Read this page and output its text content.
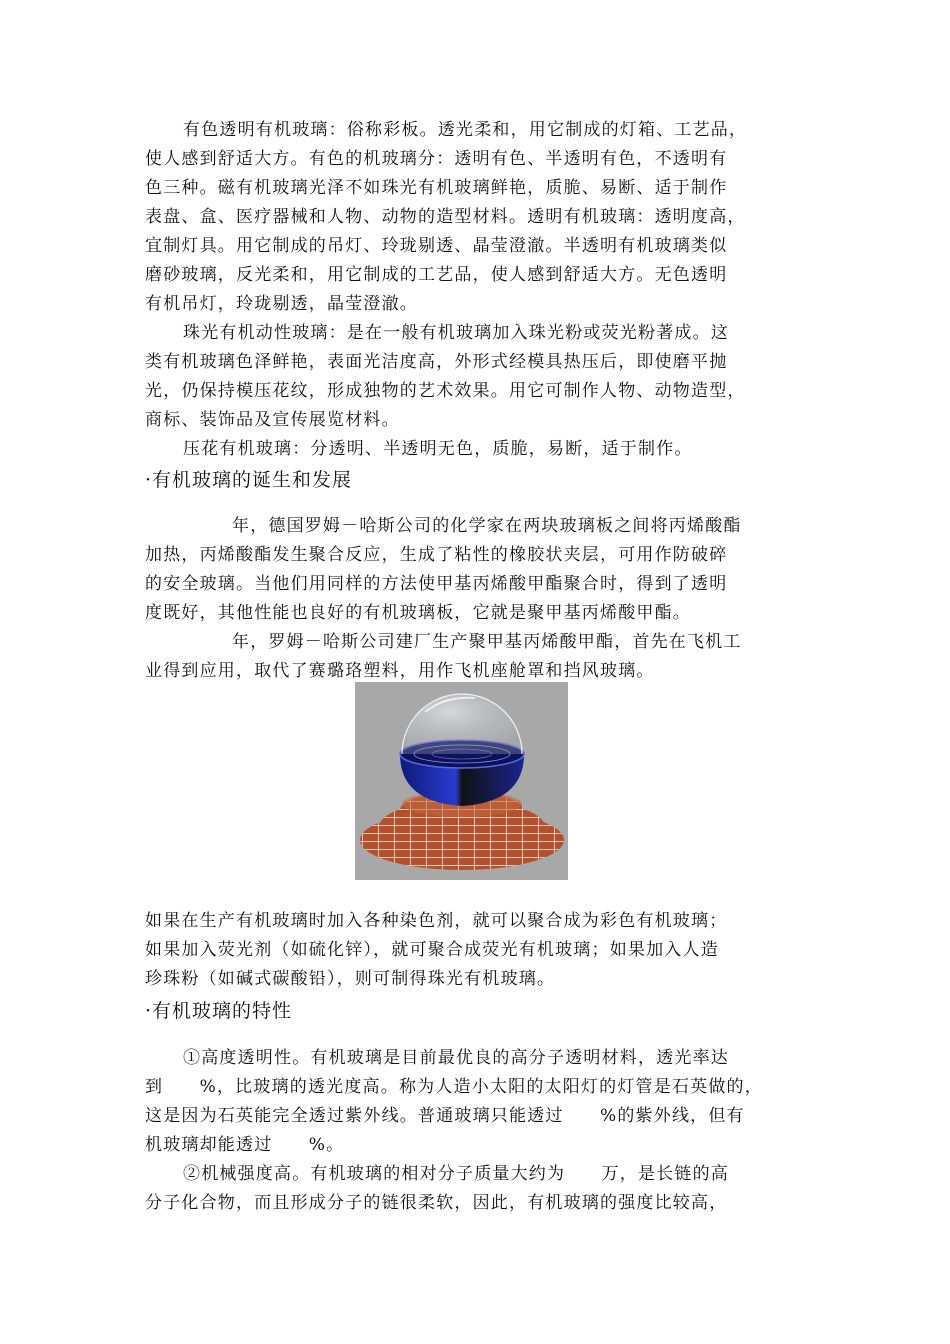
有色透明有机玻璃：俗称彩板。透光柔和，用它制成的灯箱、工艺品，
使人感到舒适大方。有色的机玻璃分：透明有色、半透明有色，不透明有
色三种。磁有机玻璃光泽不如珠光有机玻璃鲜艳，质脆、易断、适于制作
表盘、盒、医疗器械和人物、动物的造型材料。透明有机玻璃：透明度高，
宜制灯具。用它制成的吊灯、玲珑剔透、晶莹澄澈。半透明有机玻璃类似
磨砂玻璃，反光柔和，用它制成的工艺品，使人感到舒适大方。无色透明
有机吊灯，玲珑剔透，晶莹澄澈。
珠光有机动性玻璃：是在一般有机玻璃加入珠光粉或荧光粉著成。这
类有机玻璃色泽鲜艳，表面光洁度高，外形式经模具热压后，即使磨平抛
光，仍保持模压花纹，形成独物的艺术效果。用它可制作人物、动物造型，
商标、装饰品及宣传展览材料。
压花有机玻璃：分透明、半透明无色，质脆，易断，适于制作。
·有机玻璃的诞生和发展
年，德国罗姆－哈斯公司的化学家在两块玻璃板之间将丙烯酸酯
加热，丙烯酸酯发生聚合反应，生成了粘性的橡胶状夹层，可用作防破碎
的安全玻璃。当他们用同样的方法使甲基丙烯酸甲酯聚合时，得到了透明
度既好，其他性能也良好的有机玻璃板，它就是聚甲基丙烯酸甲酯。
年，罗姆－哈斯公司建厂生产聚甲基丙烯酸甲酯，首先在飞机工
业得到应用，取代了赛璐珞塑料，用作飞机座舱罩和挡风玻璃。
如果在生产有机玻璃时加入各种染色剂，就可以聚合成为彩色有机玻璃；
如果加入荧光剂（如硫化锌），就可聚合成荧光有机玻璃；如果加入人造
珍珠粉（如碱式碳酸铅），则可制得珠光有机玻璃。
·有机玻璃的特性
①高度透明性。有机玻璃是目前最优良的高分子透明材料，透光率达
到　　%，比玻璃的透光度高。称为人造小太阳的太阳灯的灯管是石英做的，
这是因为石英能完全透过紫外线。普通玻璃只能透过　　%的紫外线，但有
机玻璃却能透过　　%。
②机械强度高。有机玻璃的相对分子质量大约为　　万，是长链的高
分子化合物，而且形成分子的链很柔软，因此，有机玻璃的强度比较高，
